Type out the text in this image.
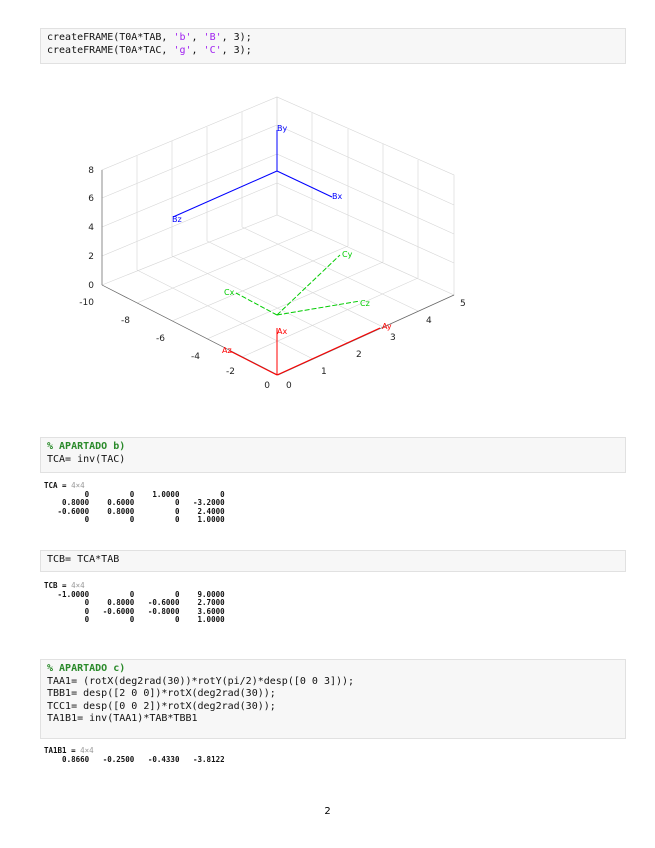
createFRAME(T0A*TAB, 'b', 'B', 3);
createFRAME(T0A*TAC, 'g', 'C', 3);
0
2
4
6
8
-10
-8
-6
-4
-2
0 0
1
2
3
4
5
By
Bx
Bz
Cy
Cx
Cz
Ax
Ay
Az
% APARTADO b)
TCA= inv(TAC)
TCA = 4×4
0         0    1.0000         0
0.8000    0.6000         0   -3.2000
-0.6000    0.8000         0    2.4000
0         0         0    1.0000
TCB= TCA*TAB
TCB = 4×4
-1.0000         0         0    9.0000
0    0.8000   -0.6000    2.7000
0   -0.6000   -0.8000    3.6000
0         0         0    1.0000
% APARTADO c)
TAA1= (rotX(deg2rad(30))*rotY(pi/2)*desp([0 0 3]));
TBB1= desp([2 0 0])*rotX(deg2rad(30));
TCC1= desp([0 0 2])*rotX(deg2rad(30));
TA1B1= inv(TAA1)*TAB*TBB1
TA1B1 = 4×4
0.8660   -0.2500   -0.4330   -3.8122
2
